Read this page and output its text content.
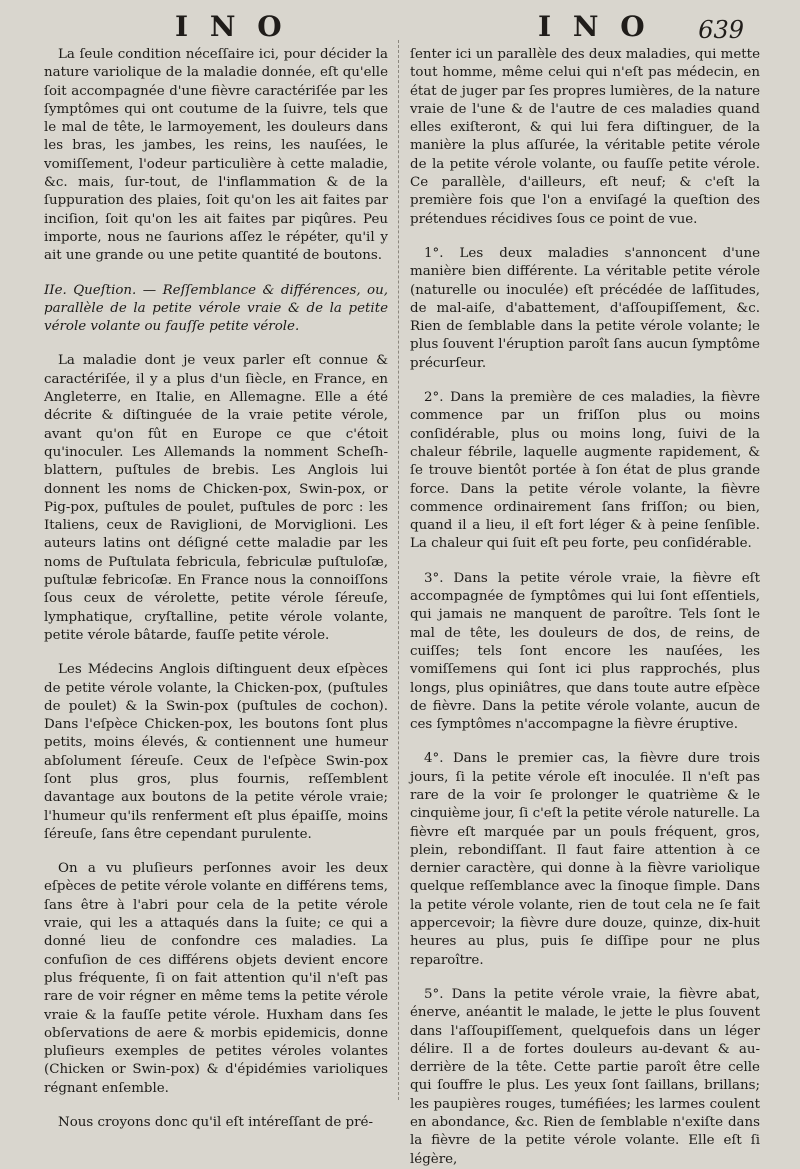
I N O	I N O 639

La ſeule condition néceſſaire ici, pour décider la nature variolique de la maladie donnée, eſt qu'elle ſoit accompagnée d'une fièvre caractériſée par les ſymptômes qui ont coutume de la ſuivre, tels que le mal de tête, le larmoyement, les douleurs dans les bras, les jambes, les reins, les nauſées, le vomiſſement, l'odeur particulière à cette maladie, &c. mais, ſur-tout, de l'inflammation & de la ſuppuration des plaies, ſoit qu'on les ait faites par inciſion, ſoit qu'on les ait faites par piqûres. Peu importe, nous ne ſaurions aſſez le répéter, qu'il y ait une grande ou une petite quantité de boutons.

IIe. Queſtion. — Reſſemblance & différences, ou, parallèle de la petite vérole vraie & de la petite vérole volante ou fauſſe petite vérole.

La maladie dont je veux parler eſt connue & caractériſée, il y a plus d'un ſiècle, en France, en Angleterre, en Italie, en Allemagne. Elle a été décrite & diſtinguée de la vraie petite vérole, avant qu'on fût en Europe ce que c'étoit qu'inoculer. Les Allemands la nomment Scheſh-blattern, puſtules de brebis. Les Anglois lui donnent les noms de Chicken-pox, Swin-pox, or Pig-pox, puſtules de poulet, puſtules de porc : les Italiens, ceux de Raviglioni, de Morviglioni. Les auteurs latins ont déſigné cette maladie par les noms de Puſtulata febricula, febriculæ puſtuloſæ, puſtulæ febricoſæ. En France nous la connoiſſons ſous ceux de vérolette, petite vérole ſéreuſe, lymphatique, cryſtalline, petite vérole volante, petite vérole bâtarde, fauſſe petite vérole.

Les Médecins Anglois diſtinguent deux eſpèces de petite vérole volante, la Chicken-pox, (puſtules de poulet) & la Swin-pox (puſtules de cochon). Dans l'eſpèce Chicken-pox, les boutons ſont plus petits, moins élevés, & contiennent une humeur abſolument ſéreuſe. Ceux de l'eſpèce Swin-pox ſont plus gros, plus fournis, reſſemblent davantage aux boutons de la petite vérole vraie; l'humeur qu'ils renferment eſt plus épaiſſe, moins ſéreuſe, ſans être cependant purulente.

On a vu pluſieurs perſonnes avoir les deux eſpèces de petite vérole volante en différens tems, ſans être à l'abri pour cela de la petite vérole vraie, qui les a attaqués dans la ſuite; ce qui a donné lieu de confondre ces maladies. La confuſion de ces différens objets devient encore plus fréquente, ſi on fait attention qu'il n'eſt pas rare de voir régner en même tems la petite vérole vraie & la fauſſe petite vérole. Huxham dans ſes obſervations de aere & morbis epidemicis, donne pluſieurs exemples de petites véroles volantes (Chicken or Swin-pox) & d'épidémies varioliques régnant enſemble.

Nous croyons donc qu'il eſt intéreſſant de pré-

ſenter ici un parallèle des deux maladies, qui mette tout homme, même celui qui n'eſt pas médecin, en état de juger par ſes propres lumières, de la nature vraie de l'une & de l'autre de ces maladies quand elles exiſteront, & qui lui fera diſtinguer, de la manière la plus aſſurée, la véritable petite vérole de la petite vérole volante, ou fauſſe petite vérole. Ce parallèle, d'ailleurs, eſt neuf; & c'eſt la première fois que l'on a enviſagé la queſtion des prétendues récidives ſous ce point de vue.

1°. Les deux maladies s'annoncent d'une manière bien différente. La véritable petite vérole (naturelle ou inoculée) eſt précédée de laſſitudes, de mal-aiſe, d'abattement, d'aſſoupiſſement, &c. Rien de ſemblable dans la petite vérole volante; le plus ſouvent l'éruption paroît ſans aucun ſymptôme précurſeur.

2°. Dans la première de ces maladies, la fièvre commence par un friſſon plus ou moins conſidérable, plus ou moins long, ſuivi de la chaleur fébrile, laquelle augmente rapidement, & ſe trouve bientôt portée à ſon état de plus grande force. Dans la petite vérole volante, la fièvre commence ordinairement ſans friſſon; ou bien, quand il a lieu, il eſt fort léger & à peine ſenſible. La chaleur qui ſuit eſt peu forte, peu conſidérable.

3°. Dans la petite vérole vraie, la fièvre eſt accompagnée de ſymptômes qui lui ſont eſſentiels, qui jamais ne manquent de paroître. Tels ſont le mal de tête, les douleurs de dos, de reins, de cuiſſes; tels ſont encore les nauſées, les vomiſſemens qui ſont ici plus rapprochés, plus longs, plus opiniâtres, que dans toute autre eſpèce de fièvre. Dans la petite vérole volante, aucun de ces ſymptômes n'accompagne la fièvre éruptive.

4°. Dans le premier cas, la fièvre dure trois jours, ſi la petite vérole eſt inoculée. Il n'eſt pas rare de la voir ſe prolonger le quatrième & le cinquième jour, ſi c'eſt la petite vérole naturelle. La fièvre eſt marquée par un pouls fréquent, gros, plein, rebondiſſant. Il faut faire attention à ce dernier caractère, qui donne à la fièvre variolique quelque reſſemblance avec la ſinoque ſimple. Dans la petite vérole volante, rien de tout cela ne ſe fait appercevoir; la fièvre dure douze, quinze, dix-huit heures au plus, puis ſe diſſipe pour ne plus reparoître.

5°. Dans la petite vérole vraie, la fièvre abat, énerve, anéantit le malade, le jette le plus ſouvent dans l'aſſoupiſſement, quelquefois dans un léger délire. Il a de fortes douleurs au-devant & au-derrière de la tête. Cette partie paroît être celle qui ſouffre le plus. Les yeux ſont ſaillans, brillans; les paupières rouges, tuméfiées; les larmes coulent en abondance, &c. Rien de ſemblable n'exiſte dans la fièvre de la petite vérole volante. Elle eſt ſi légère,
